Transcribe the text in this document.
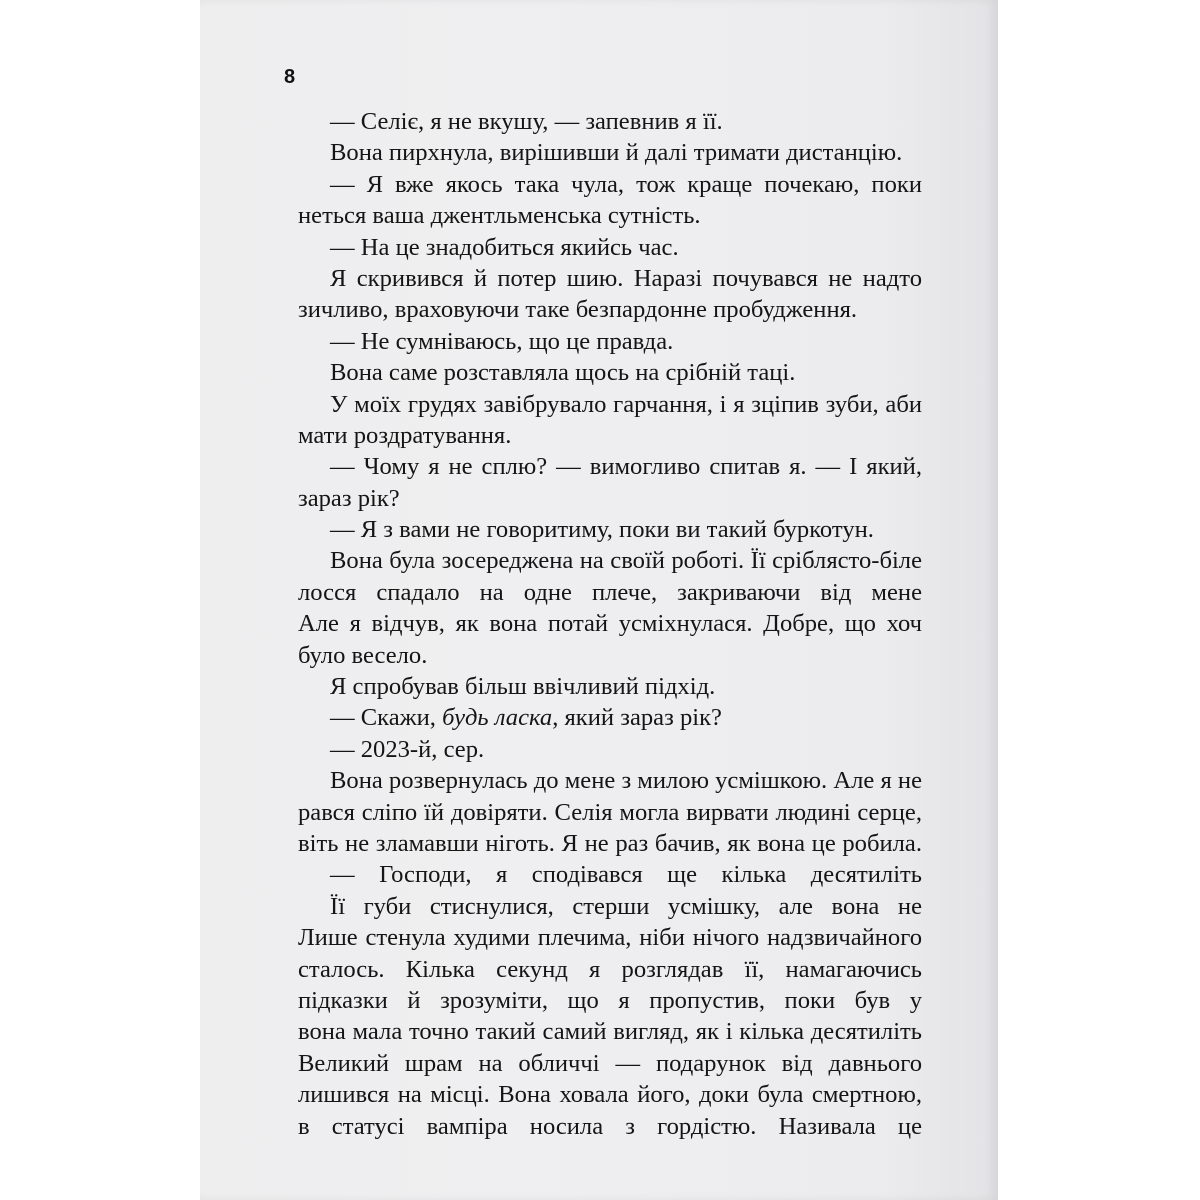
8
— Селіє, я не вкушу, — запевнив я її.
Вона пирхнула, вирішивши й далі тримати дистанцію.
— Я вже якось така чула, тож краще почекаю, поки
неться ваша джентльменська сутність.
— На це знадобиться якийсь час.
Я скривився й потер шию. Наразі почувався не надто
зичливо, враховуючи таке безпардонне пробудження.
— Не сумніваюсь, що це правда.
Вона саме розставляла щось на срібній таці.
У моїх грудях завібрувало гарчання, і я зціпив зуби, аби
мати роздратування.
— Чому я не сплю? — вимогливо спитав я. — І який,
зараз рік?
— Я з вами не говоритиму, поки ви такий буркотун.
Вона була зосереджена на своїй роботі. Її сріблясто-біле
лосся спадало на одне плече, закриваючи від мене
Але я відчув, як вона потай усміхнулася. Добре, що хоч
було весело.
Я спробував більш ввічливий підхід.
— Скажи, будь ласка, який зараз рік?
— 2023-й, сер.
Вона розвернулась до мене з милою усмішкою. Але я не
рався сліпо їй довіряти. Селія могла вирвати людині серце,
віть не зламавши ніготь. Я не раз бачив, як вона це робила.
— Господи, я сподівався ще кілька десятиліть
Її губи стиснулися, стерши усмішку, але вона не
Лише стенула худими плечима, ніби нічого надзвичайного
сталось. Кілька секунд я розглядав її, намагаючись
підказки й зрозуміти, що я пропустив, поки був у
вона мала точно такий самий вигляд, як і кілька десятиліть
Великий шрам на обличчі — подарунок від давнього
лишився на місці. Вона ховала його, доки була смертною,
в статусі вампіра носила з гордістю. Називала це
